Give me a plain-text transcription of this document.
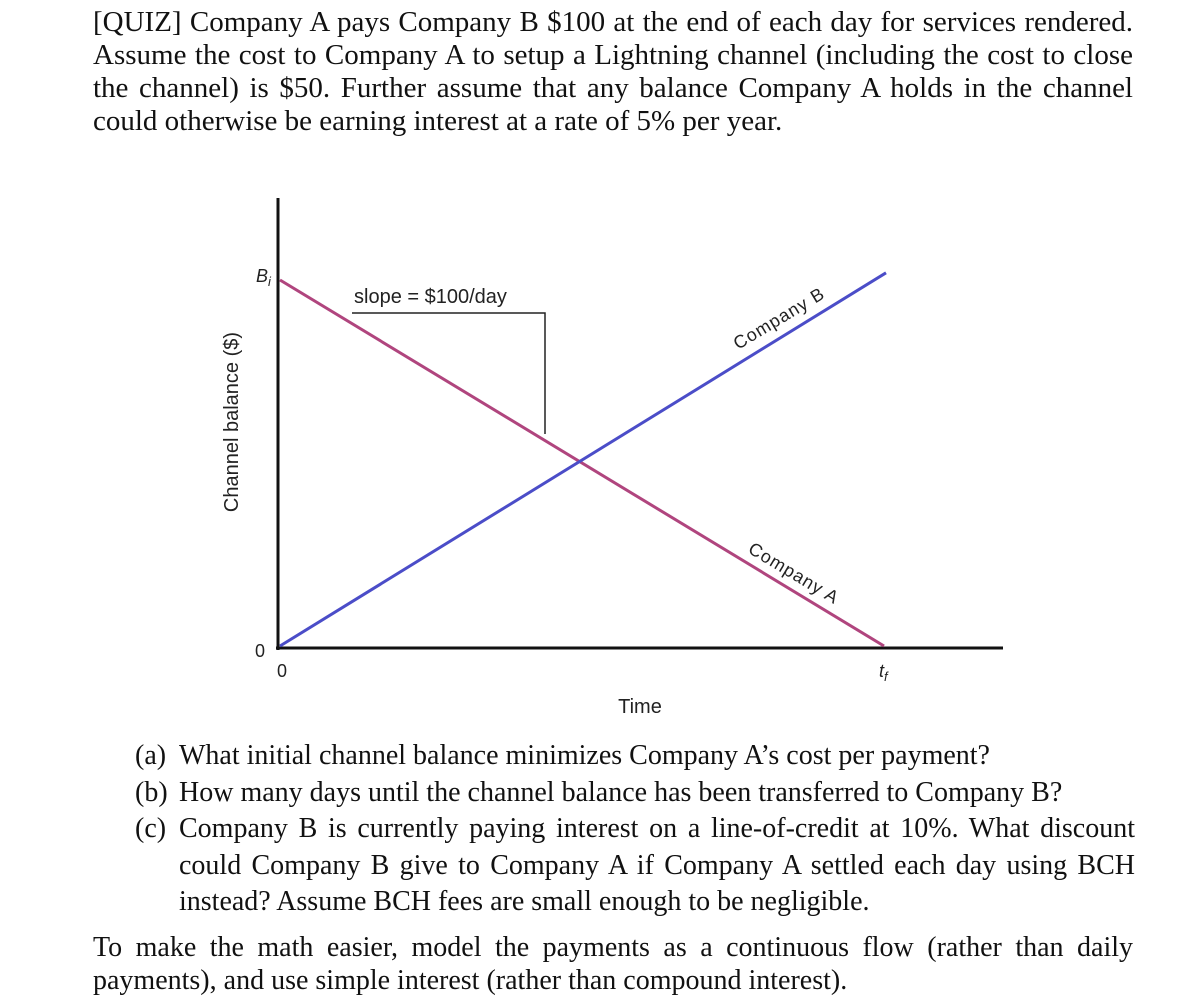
[QUIZ] Company A pays Company B $100 at the end of each day for services rendered. Assume the cost to Company A to setup a Lightning channel (including the cost to close the channel) is $50. Further assume that any balance Company A holds in the channel could otherwise be earning interest at a rate of 5% per year.
Channel balance ($)
$B_i$
0
0	$t_f$
Time
slope = $100/day	Company B
Company A
(a) What initial channel balance minimizes Company A’s cost per payment?
(b) How many days until the channel balance has been transferred to Company B?
(c) Company B is currently paying interest on a line-of-credit at 10%. What discount could Company B give to Company A if Company A settled each day using BCH instead? Assume BCH fees are small enough to be negligible.
To make the math easier, model the payments as a continuous flow (rather than daily payments), and use simple interest (rather than compound interest).
